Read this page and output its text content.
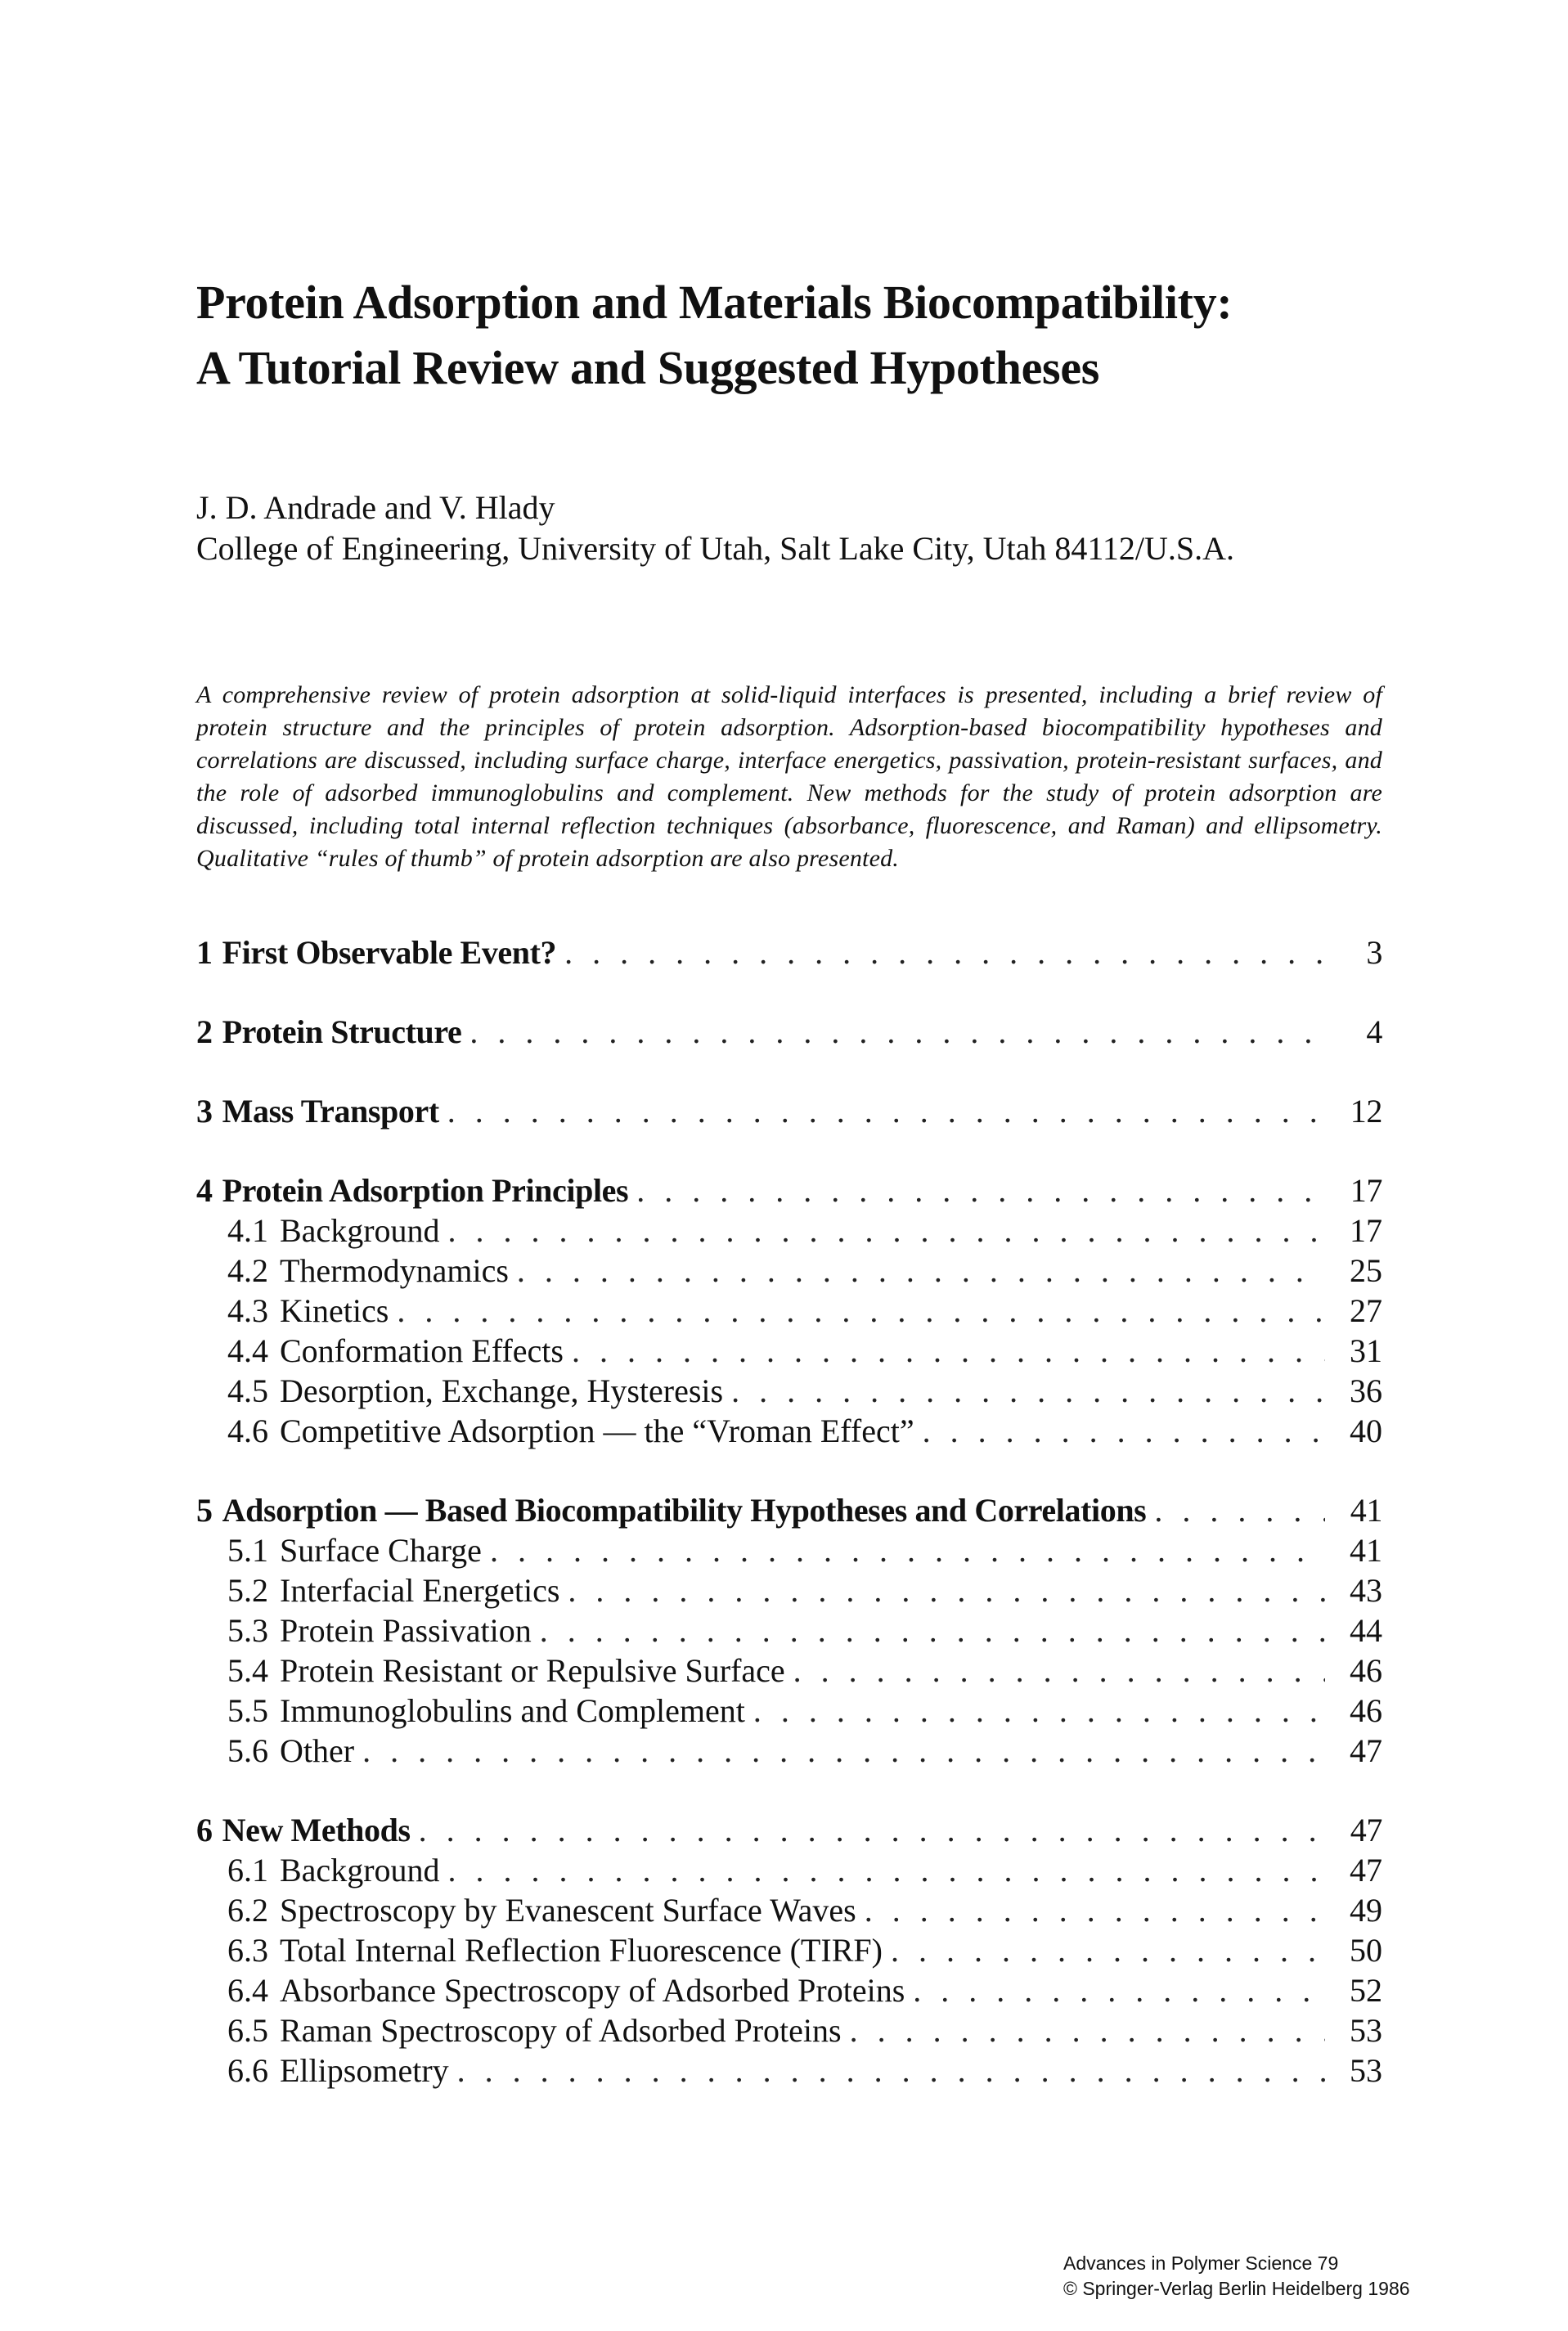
Protein Adsorption and Materials Biocompatibility:
A Tutorial Review and Suggested Hypotheses
J. D. Andrade and V. Hlady
College of Engineering, University of Utah, Salt Lake City, Utah 84112/U.S.A.
A comprehensive review of protein adsorption at solid-liquid interfaces is presented, including a brief review of protein structure and the principles of protein adsorption. Adsorption-based biocompatibility hypotheses and correlations are discussed, including surface charge, interface energetics, passivation, protein-resistant surfaces, and the role of adsorbed immunoglobulins and complement. New methods for the study of protein adsorption are discussed, including total internal reflection techniques (absorbance, fluorescence, and Raman) and ellipsometry. Qualitative “rules of thumb” of protein adsorption are also presented.
1 First Observable Event? . . .	3
2 Protein Structure . . .	4
3 Mass Transport . . .	12
4 Protein Adsorption Principles . . .	17
4.1 Background . . .	17
4.2 Thermodynamics . . .	25
4.3 Kinetics . . .	27
4.4 Conformation Effects . . .	31
4.5 Desorption, Exchange, Hysteresis . . .	36
4.6 Competitive Adsorption — the “Vroman Effect” . . .	40
5 Adsorption — Based Biocompatibility Hypotheses and Correlations . . .	41
5.1 Surface Charge . . .	41
5.2 Interfacial Energetics . . .	43
5.3 Protein Passivation . . .	44
5.4 Protein Resistant or Repulsive Surface . . .	46
5.5 Immunoglobulins and Complement . . .	46
5.6 Other . . .	47
6 New Methods . . .	47
6.1 Background . . .	47
6.2 Spectroscopy by Evanescent Surface Waves . . .	49
6.3 Total Internal Reflection Fluorescence (TIRF) . . .	50
6.4 Absorbance Spectroscopy of Adsorbed Proteins . . .	52
6.5 Raman Spectroscopy of Adsorbed Proteins . . .	53
6.6 Ellipsometry . . .	53
Advances in Polymer Science 79
© Springer-Verlag Berlin Heidelberg 1986
